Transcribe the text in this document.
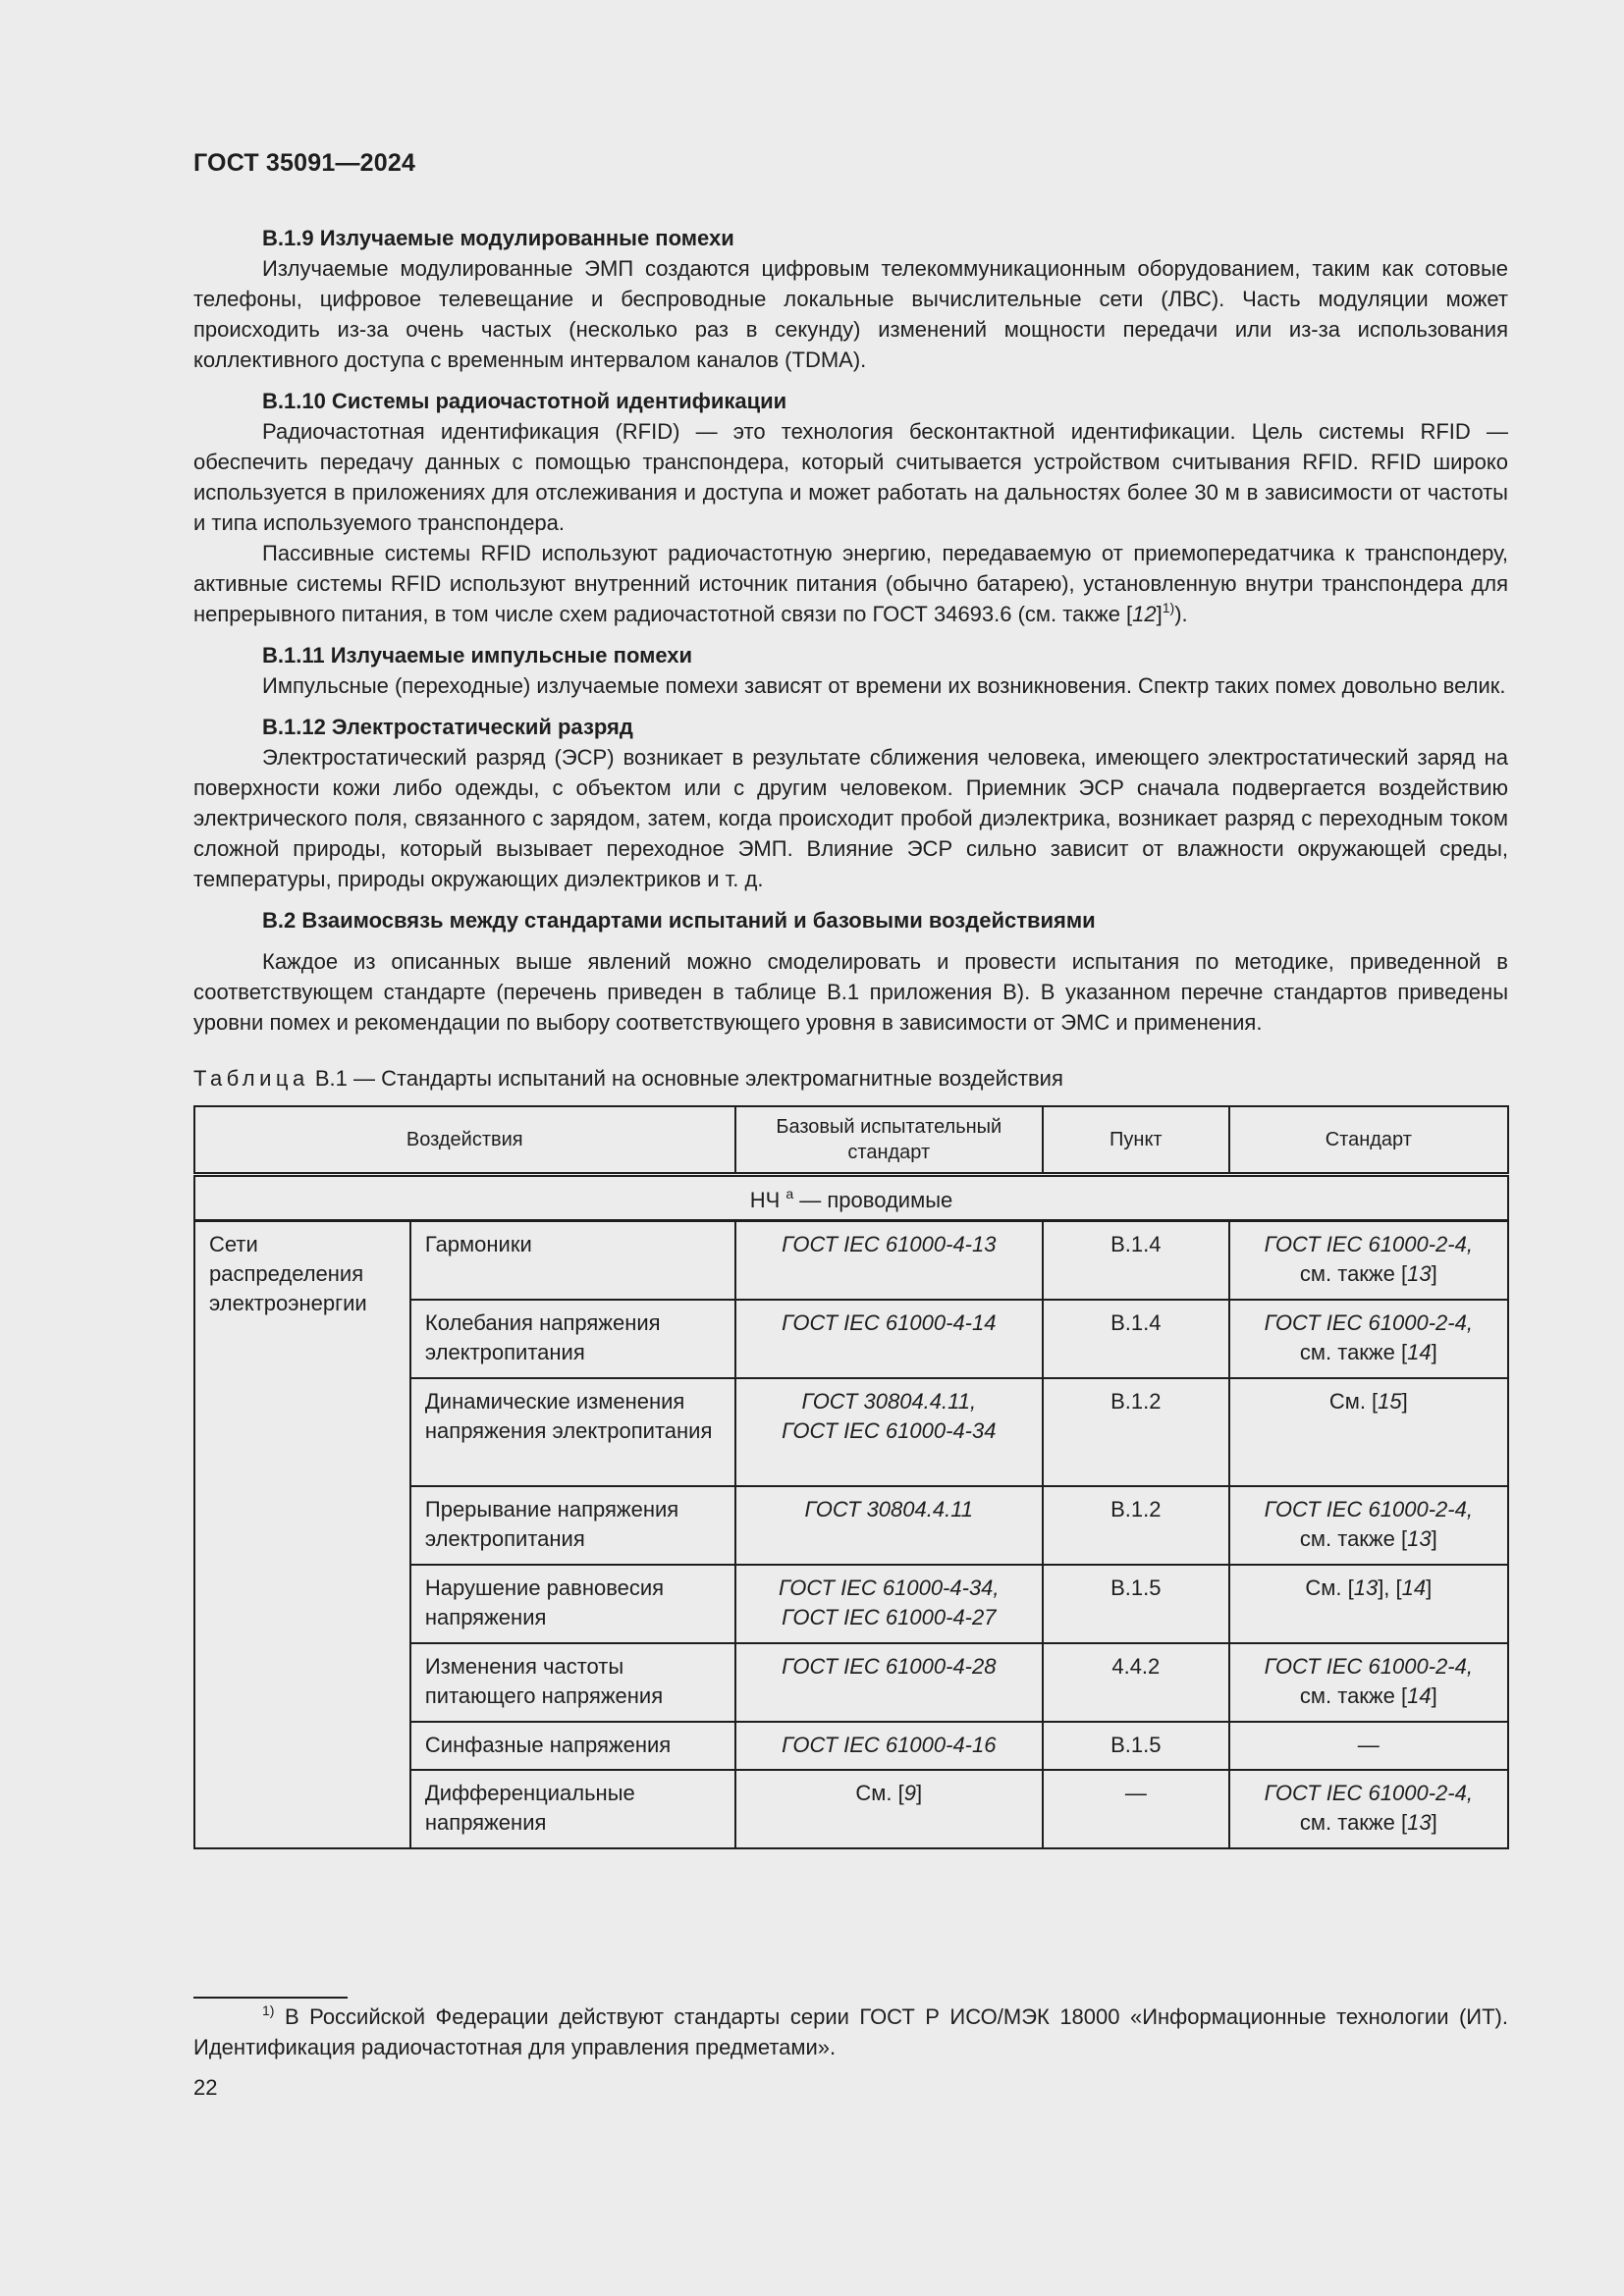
ГОСТ 35091—2024

В.1.9 Излучаемые модулированные помехи

Излучаемые модулированные ЭМП создаются цифровым телекоммуникационным оборудованием, таким как сотовые телефоны, цифровое телевещание и беспроводные локальные вычислительные сети (ЛВС). Часть модуляции может происходить из-за очень частых (несколько раз в секунду) изменений мощности передачи или из-за использования коллективного доступа с временным интервалом каналов (TDMA).

В.1.10 Системы радиочастотной идентификации

Радиочастотная идентификация (RFID) — это технология бесконтактной идентификации. Цель системы RFID — обеспечить передачу данных с помощью транспондера, который считывается устройством считывания RFID. RFID широко используется в приложениях для отслеживания и доступа и может работать на дальностях более 30 м в зависимости от частоты и типа используемого транспондера.

Пассивные системы RFID используют радиочастотную энергию, передаваемую от приемопередатчика к транспондеру, активные системы RFID используют внутренний источник питания (обычно батарею), установленную внутри транспондера для непрерывного питания, в том числе схем радиочастотной связи по ГОСТ 34693.6 (см. также $[12]^{1)}$).

В.1.11 Излучаемые импульсные помехи

Импульсные (переходные) излучаемые помехи зависят от времени их возникновения. Спектр таких помех довольно велик.

В.1.12 Электростатический разряд

Электростатический разряд (ЭСР) возникает в результате сближения человека, имеющего электростатический заряд на поверхности кожи либо одежды, с объектом или с другим человеком. Приемник ЭСР сначала подвергается воздействию электрического поля, связанного с зарядом, затем, когда происходит пробой диэлектрика, возникает разряд с переходным током сложной природы, который вызывает переходное ЭМП. Влияние ЭСР сильно зависит от влажности окружающей среды, температуры, природы окружающих диэлектриков и т. д.

В.2 Взаимосвязь между стандартами испытаний и базовыми воздействиями

Каждое из описанных выше явлений можно смоделировать и провести испытания по методике, приведенной в соответствующем стандарте (перечень приведен в таблице В.1 приложения В). В указанном перечне стандартов приведены уровни помех и рекомендации по выбору соответствующего уровня в зависимости от ЭМС и применения.

Таблица В.1 — Стандарты испытаний на основные электромагнитные воздействия
Воздействия		Базовый испытательный стандарт	Пункт	Стандарт
НЧ $^а$ — проводимые				
Сети распределения электроэнергии	Гармоники	ГОСТ IEC 61000-4-13	В.1.4	ГОСТ IEC 61000-2-4,
см. также [13]
	Колебания напряжения электропитания	ГОСТ IEC 61000-4-14	В.1.4	ГОСТ IEC 61000-2-4,
см. также [14]
	Динамические изменения напряжения электропитания	ГОСТ 30804.4.11,
ГОСТ IEC 61000-4-34	В.1.2	См. [15]
	Прерывание напряжения электропитания	ГОСТ 30804.4.11	В.1.2	ГОСТ IEC 61000-2-4,
см. также [13]
	Нарушение равновесия напряжения	ГОСТ IEC 61000-4-34,
ГОСТ IEC 61000-4-27	В.1.5	См. [13], [14]
	Изменения частоты питающего напряжения	ГОСТ IEC 61000-4-28	4.4.2	ГОСТ IEC 61000-2-4,
см. также [14]
	Синфазные напряжения	ГОСТ IEC 61000-4-16	В.1.5	—
	Дифференциальные напряжения	См. [9]	—	ГОСТ IEC 61000-2-4,
см. также [13]
$^{1)}$ В Российской Федерации действуют стандарты серии ГОСТ Р ИСО/МЭК 18000 «Информационные технологии (ИТ). Идентификация радиочастотная для управления предметами».
22
